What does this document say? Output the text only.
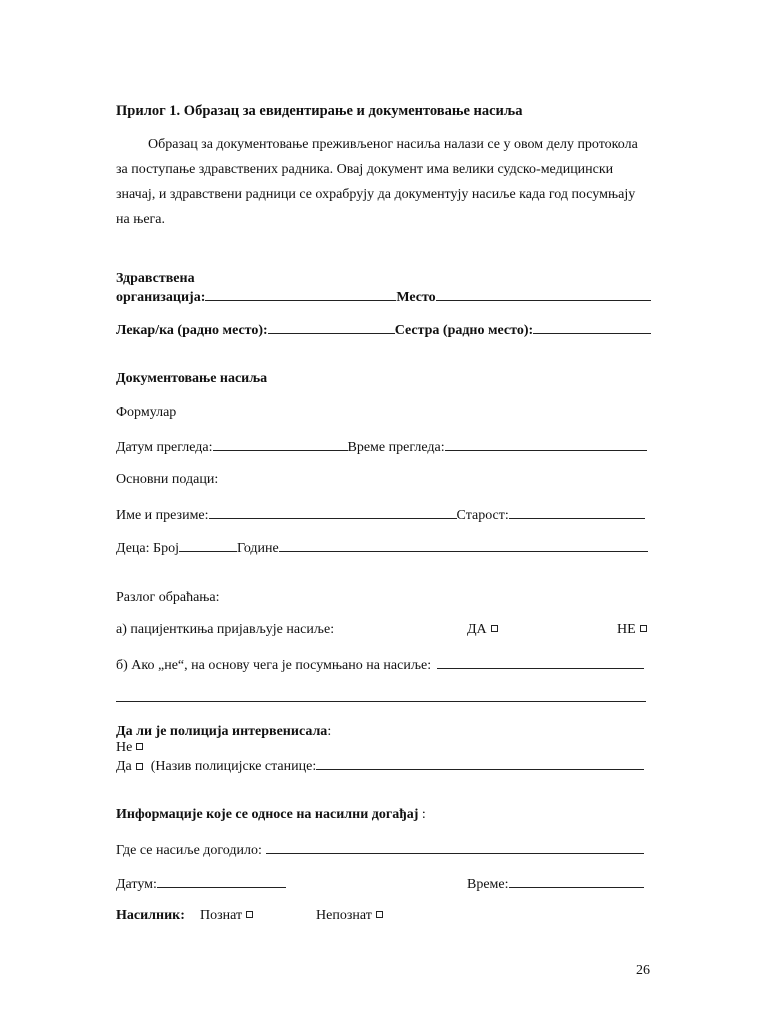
Прилог 1. Образац за евидентирање и документовање насиља
Образац за документовање преживљеног насиља налази се у овом делу протокола
за поступање здравствених радника. Овај документ има велики судско-медицински
значај, и здравствени радници се охрабрују да документују насиље када год посумњају
на њега.
Здравствена
организација:	Место
Лекар/ка (радно место):	Сестра (радно место):
Документовање насиља
Формулар
Датум прегледа:	Време прегледа:
Основни подаци:
Име и презиме:	Старост:
Деца: Број	Године
Разлог обраћања:
а) пацијенткиња пријављује насиље:	ДА	НЕ
б) Ако „не“, на основу чега је посумњано на насиље:
Да ли је полиција интервенисала:
Не
Да (Назив полицијске станице:
Информације које се односе на насилни догађај :
Где се насиље догодило:
Датум:	Време:
Насилник: Познат	Непознат
26
